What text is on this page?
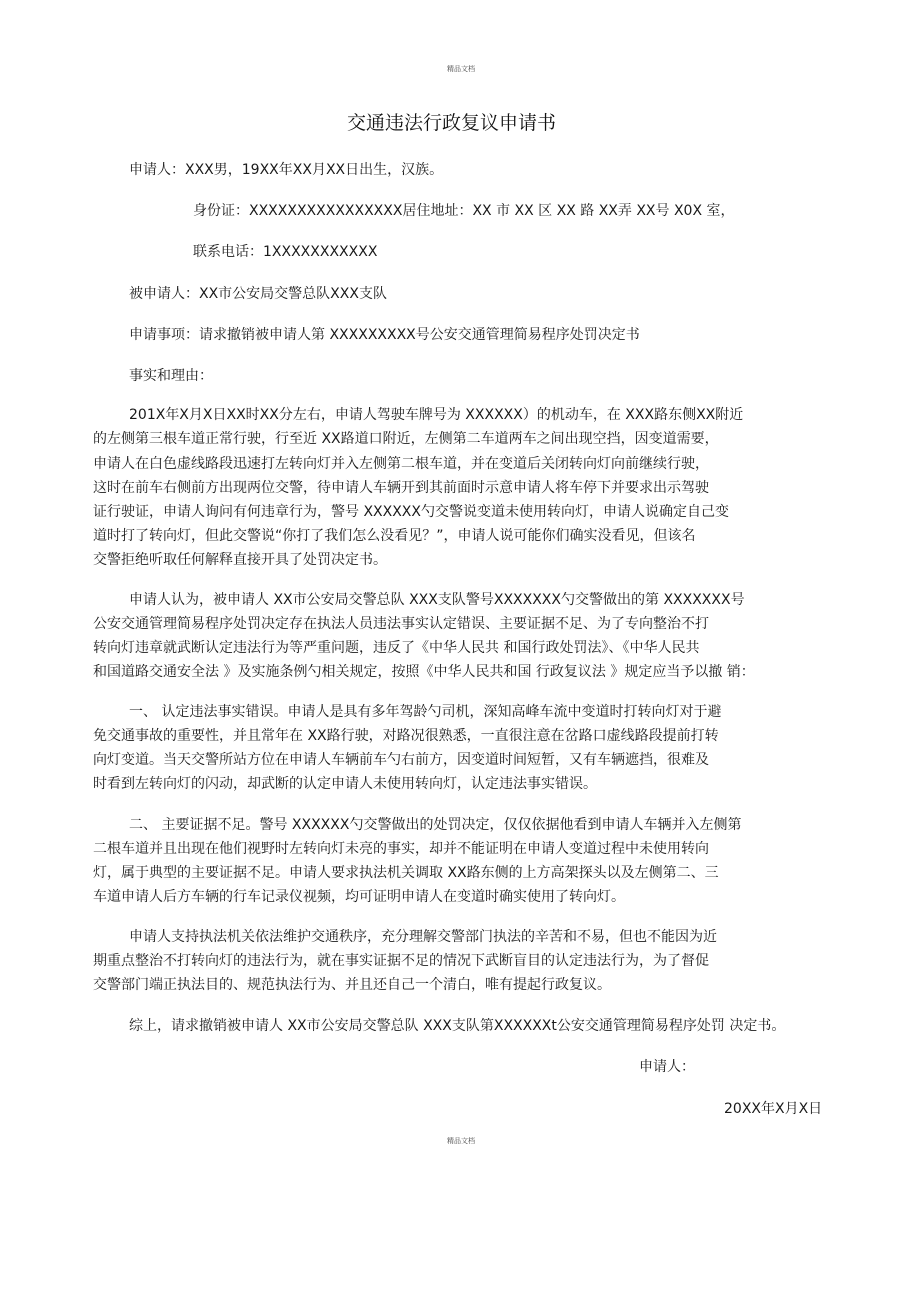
精品文档
交通违法行政复议申请书
申请人：XXX男，19XX年XX月XX日出生，汉族。
身份证：XXXXXXXXXXXXXXXX居住地址：XX 市 XX 区 XX 路 XX弄 XX号 X0X 室，
联系电话：1XXXXXXXXXXX
被申请人：XX市公安局交警总队XXX支队
申请事项：请求撤销被申请人第 XXXXXXXXX号公安交通管理简易程序处罚决定书
事实和理由：
201X年X月X日XX时XX分左右，申请人驾驶车牌号为 XXXXXX）的机动车，在 XXX路东侧XX附近
的左侧第三根车道正常行驶，行至近 XX路道口附近，左侧第二车道两车之间出现空挡，因变道需要，
申请人在白色虚线路段迅速打左转向灯并入左侧第二根车道，并在变道后关闭转向灯向前继续行驶，
这时在前车右侧前方出现两位交警，待申请人车辆开到其前面时示意申请人将车停下并要求出示驾驶
证行驶证，申请人询问有何违章行为，警号 XXXXXX勺交警说变道未使用转向灯，申请人说确定自己变
道时打了转向灯，但此交警说“你打了我们怎么没看见？”，申请人说可能你们确实没看见，但该名
交警拒绝听取任何解释直接开具了处罚决定书。
申请人认为，被申请人 XX市公安局交警总队 XXX支队警号XXXXXXX勺交警做出的第 XXXXXXX号
公安交通管理简易程序处罚决定存在执法人员违法事实认定错误、主要证据不足、为了专向整治不打
转向灯违章就武断认定违法行为等严重问题，违反了《中华人民共 和国行政处罚法》、《中华人民共
和国道路交通安全法 》及实施条例勺相关规定，按照《中华人民共和国 行政复议法 》规定应当予以撤 销：
一、 认定违法事实错误。申请人是具有多年驾龄勺司机，深知高峰车流中变道时打转向灯对于避
免交通事故的重要性，并且常年在 XX路行驶，对路况很熟悉，一直很注意在岔路口虚线路段提前打转
向灯变道。当天交警所站方位在申请人车辆前车勺右前方，因变道时间短暂，又有车辆遮挡，很难及
时看到左转向灯的闪动，却武断的认定申请人未使用转向灯，认定违法事实错误。
二、 主要证据不足。警号 XXXXXX勺交警做出的处罚决定，仅仅依据他看到申请人车辆并入左侧第
二根车道并且出现在他们视野时左转向灯未亮的事实，却并不能证明在申请人变道过程中未使用转向
灯，属于典型的主要证据不足。申请人要求执法机关调取 XX路东侧的上方高架探头以及左侧第二、三
车道申请人后方车辆的行车记录仪视频，均可证明申请人在变道时确实使用了转向灯。
申请人支持执法机关依法维护交通秩序，充分理解交警部门执法的辛苦和不易，但也不能因为近
期重点整治不打转向灯的违法行为，就在事实证据不足的情况下武断盲目的认定违法行为，为了督促
交警部门端正执法目的、规范执法行为、并且还自己一个清白，唯有提起行政复议。
综上，请求撤销被申请人 XX市公安局交警总队 XXX支队第XXXXXXt公安交通管理简易程序处罚 决定书。
申请人：
20XX年X月X日
精品文档
